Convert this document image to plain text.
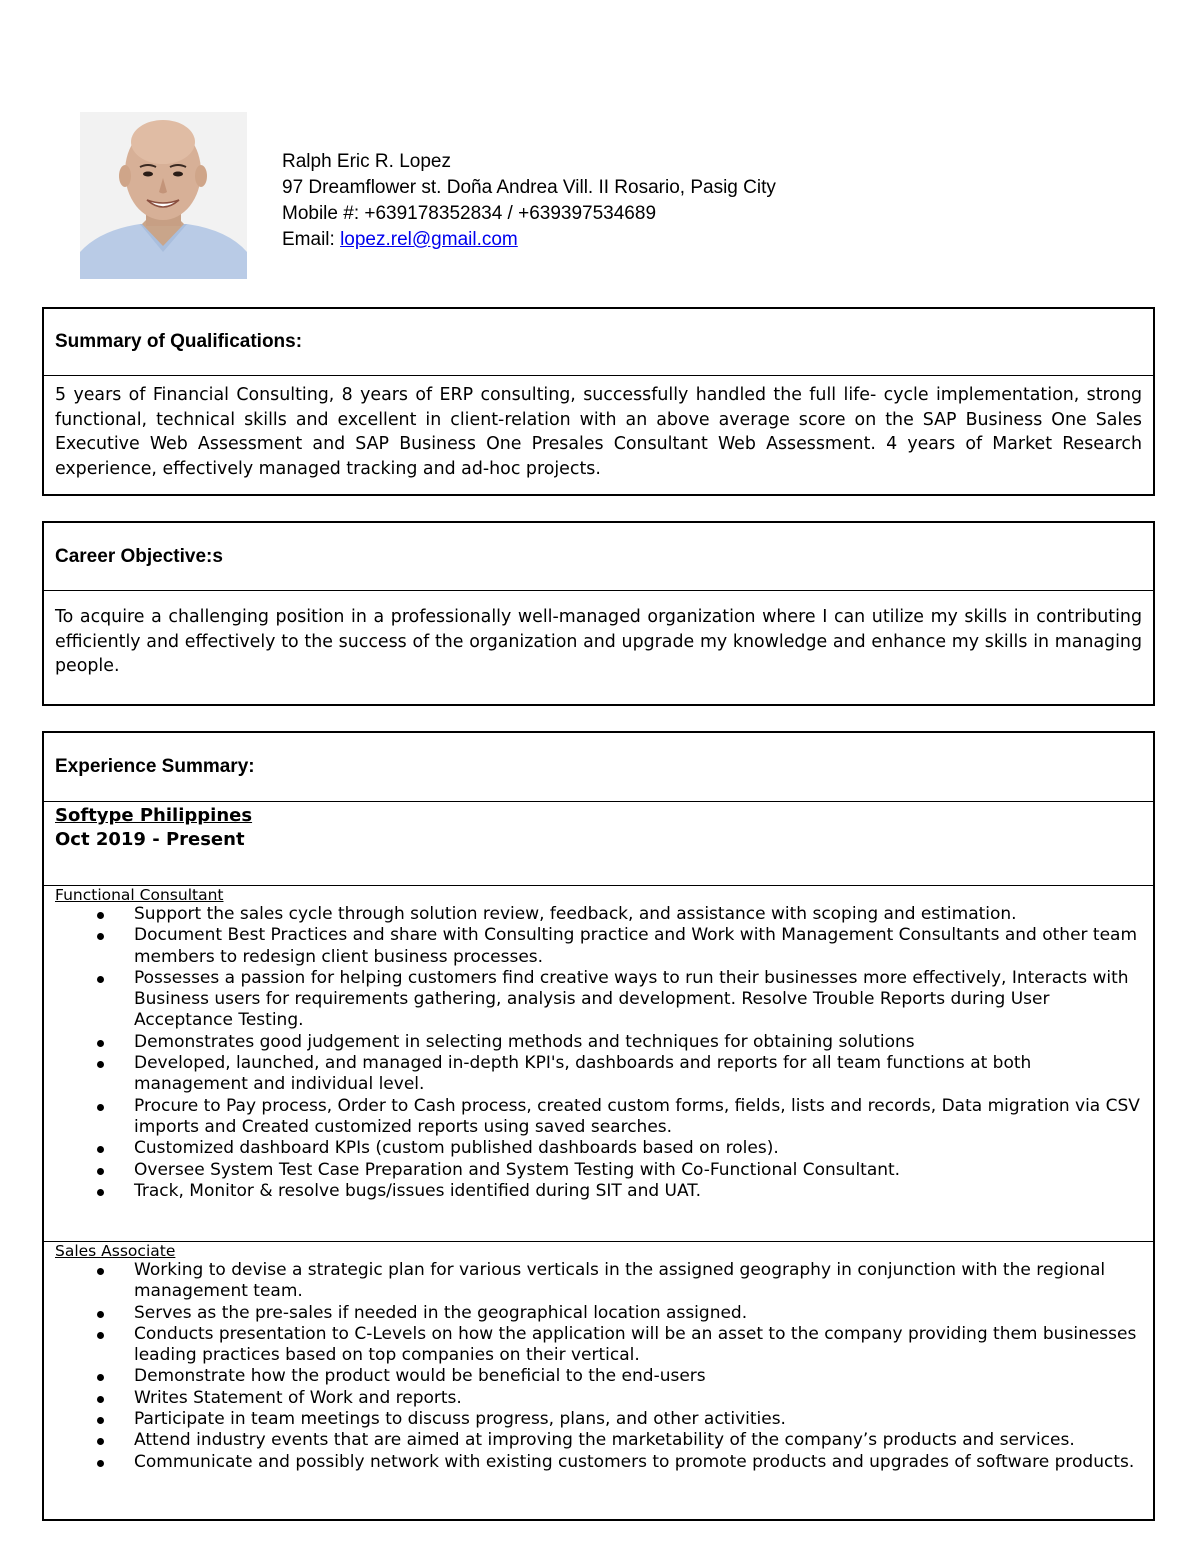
Ralph Eric R. Lopez
97 Dreamflower st. Doña Andrea Vill. II Rosario, Pasig City
Mobile #: +639178352834 / +639397534689
Email: lopez.rel@gmail.com
Summary of Qualifications:
5 years of Financial Consulting, 8 years of ERP consulting, successfully handled the full life- cycle implementation, strong functional, technical skills and excellent in client-relation with an above average score on the SAP Business One Sales Executive Web Assessment and SAP Business One Presales Consultant Web Assessment. 4 years of Market Research experience, effectively managed tracking and ad-hoc projects.
Career Objective:s
To acquire a challenging position in a professionally well-managed organization where I can utilize my skills in contributing efficiently and effectively to the success of the organization and upgrade my knowledge and enhance my skills in managing people.
Experience Summary:
Softype Philippines
Oct 2019 - Present
Functional Consultant
Support the sales cycle through solution review, feedback, and assistance with scoping and estimation.
Document Best Practices and share with Consulting practice and Work with Management Consultants and other team members to redesign client business processes.
Possesses a passion for helping customers find creative ways to run their businesses more effectively, Interacts with Business users for requirements gathering, analysis and development. Resolve Trouble Reports during User Acceptance Testing.
Demonstrates good judgement in selecting methods and techniques for obtaining solutions
Developed, launched, and managed in-depth KPI's, dashboards and reports for all team functions at both management and individual level.
Procure to Pay process, Order to Cash process, created custom forms, fields, lists and records, Data migration via CSV imports and Created customized reports using saved searches.
Customized dashboard KPIs (custom published dashboards based on roles).
Oversee System Test Case Preparation and System Testing with Co-Functional Consultant.
Track, Monitor & resolve bugs/issues identified during SIT and UAT.
Sales Associate
Working to devise a strategic plan for various verticals in the assigned geography in conjunction with the regional management team.
Serves as the pre-sales if needed in the geographical location assigned.
Conducts presentation to C-Levels on how the application will be an asset to the company providing them businesses leading practices based on top companies on their vertical.
Demonstrate how the product would be beneficial to the end-users
Writes Statement of Work and reports.
Participate in team meetings to discuss progress, plans, and other activities.
Attend industry events that are aimed at improving the marketability of the company’s products and services.
Communicate and possibly network with existing customers to promote products and upgrades of software products.
